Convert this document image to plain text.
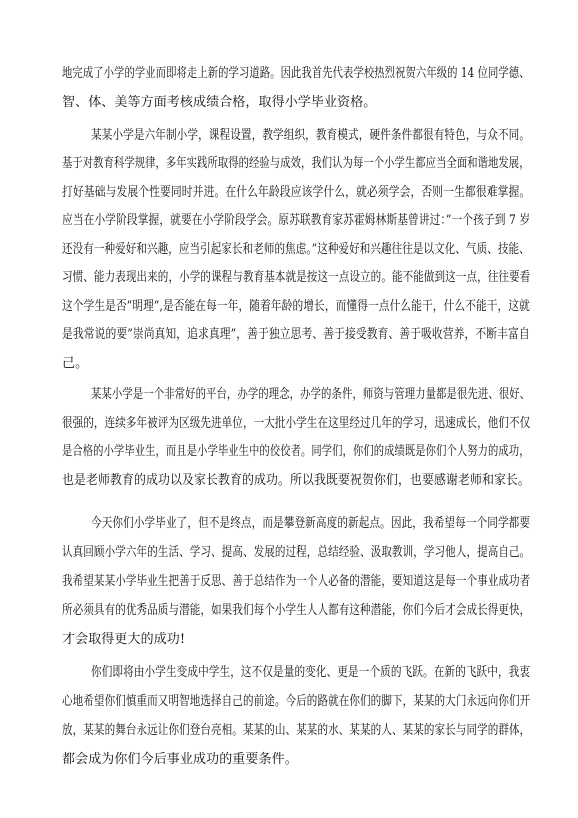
地完成了小学的学业而即将走上新的学习道路。因此我首先代表学校热烈祝贺六年级的 14 位同学德、

智、体、美等方面考核成绩合格，取得小学毕业资格。

某某小学是六年制小学，课程设置，教学组织，教育模式，硬件条件都很有特色，与众不同。

基于对教育科学规律，多年实践所取得的经验与成效，我们认为每一个小学生都应当全面和谐地发展，

打好基础与发展个性要同时并进。在什么年龄段应该学什么，就必须学会，否则一生都很难掌握。

应当在小学阶段掌握，就要在小学阶段学会。原苏联教育家苏霍姆林斯基曾讲过：”一个孩子到 7 岁

还没有一种爱好和兴趣，应当引起家长和老师的焦虑。”这种爱好和兴趣往往是以文化、气质、技能、

习惯、能力表现出来的，小学的课程与教育基本就是按这一点设立的。能不能做到这一点，往往要看

这个学生是否”明理”,是否能在每一年，随着年龄的增长，而懂得一点什么能干，什么不能干，这就

是我常说的要”崇尚真知，追求真理”，善于独立思考、善于接受教育、善于吸收营养，不断丰富自

己。

某某小学是一个非常好的平台，办学的理念，办学的条件，师资与管理力量都是很先进、很好、

很强的，连续多年被评为区级先进单位，一大批小学生在这里经过几年的学习，迅速成长，他们不仅

是合格的小学毕业生，而且是小学毕业生中的佼佼者。同学们，你们的成绩既是你们个人努力的成功，

也是老师教育的成功以及家长教育的成功。所以我既要祝贺你们，也要感谢老师和家长。

今天你们小学毕业了，但不是终点，而是攀登新高度的新起点。因此，我希望每一个同学都要

认真回顾小学六年的生活、学习、提高、发展的过程，总结经验、汲取教训，学习他人，提高自己。

我希望某某小学毕业生把善于反思、善于总结作为一个人必备的潜能，要知道这是每一个事业成功者

所必须具有的优秀品质与潜能，如果我们每个小学生人人都有这种潜能，你们今后才会成长得更快，

才会取得更大的成功!

你们即将由小学生变成中学生，这不仅是量的变化、更是一个质的飞跃。在新的飞跃中，我衷

心地希望你们慎重而又明智地选择自己的前途。今后的路就在你们的脚下，某某的大门永远向你们开

放，某某的舞台永远让你们登台亮相。某某的山、某某的水、某某的人、某某的家长与同学的群体，

都会成为你们今后事业成功的重要条件。
